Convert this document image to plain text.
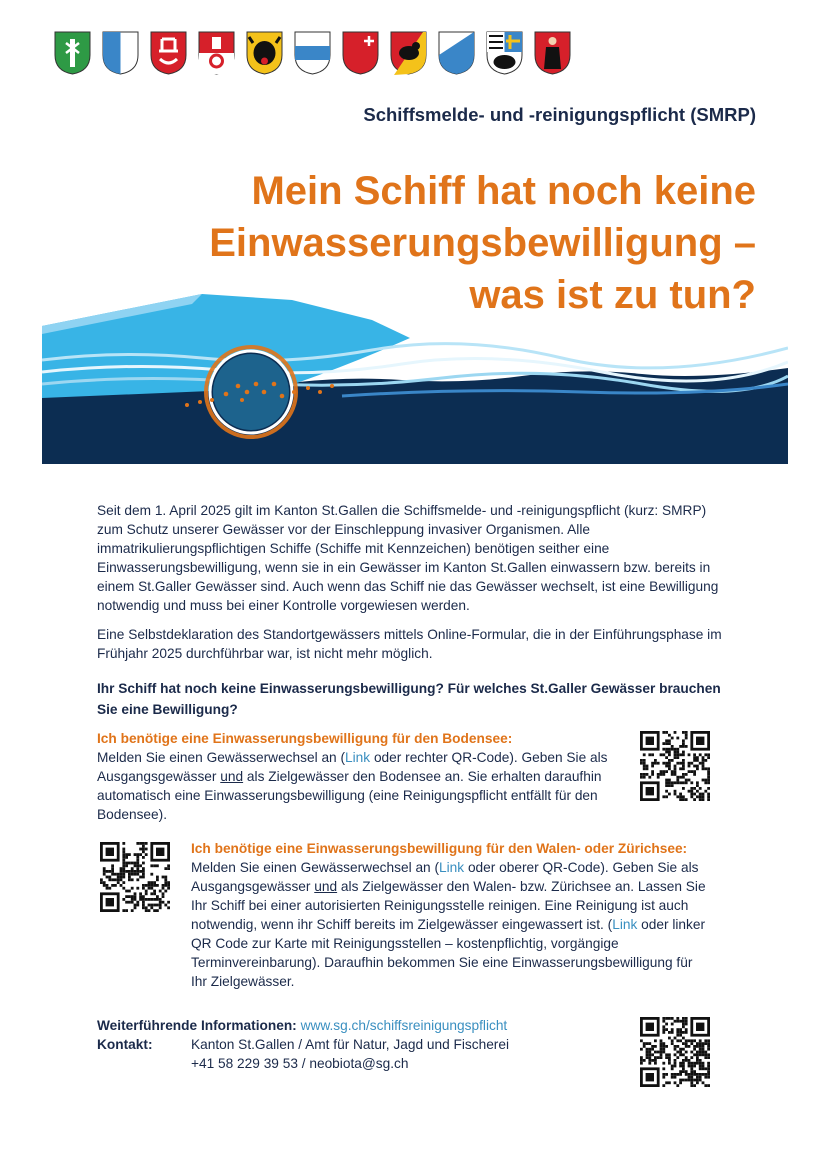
Schiffsmelde- und -reinigungspflicht (SMRP)
Mein Schiff hat noch keine
Einwasserungsbewilligung –
was ist zu tun?
Seit dem 1. April 2025 gilt im Kanton St.Gallen die Schiffsmelde- und -reinigungspflicht (kurz: SMRP) zum Schutz unserer Gewässer vor der Einschleppung invasiver Organismen. Alle immatrikulierungspflichtigen Schiffe (Schiffe mit Kennzeichen) benötigen seither eine Einwasserungsbewilligung, wenn sie in ein Gewässer im Kanton St.Gallen einwassern bzw. bereits in einem St.Galler Gewässer sind. Auch wenn das Schiff nie das Gewässer wechselt, ist eine Bewilligung notwendig und muss bei einer Kontrolle vorgewiesen werden.
Eine Selbstdeklaration des Standortgewässers mittels Online-Formular, die in der Einführungsphase im Frühjahr 2025 durchführbar war, ist nicht mehr möglich.
Ihr Schiff hat noch keine Einwasserungsbewilligung? Für welches St.Galler Gewässer brauchen Sie eine Bewilligung?
Ich benötige eine Einwasserungsbewilligung für den Bodensee:
Melden Sie einen Gewässerwechsel an (Link oder rechter QR-Code). Geben Sie als Ausgangsgewässer und als Zielgewässer den Bodensee an. Sie erhalten daraufhin automatisch eine Einwasserungsbewilligung (eine Reinigungspflicht entfällt für den Bodensee).
Ich benötige eine Einwasserungsbewilligung für den Walen- oder Zürichsee: Melden Sie einen Gewässerwechsel an (Link oder oberer QR-Code). Geben Sie als Ausgangsgewässer und als Zielgewässer den Walen- bzw. Zürichsee an. Lassen Sie Ihr Schiff bei einer autorisierten Reinigungsstelle reinigen. Eine Reinigung ist auch notwendig, wenn ihr Schiff bereits im Zielgewässer eingewassert ist. (Link oder linker QR Code zur Karte mit Reinigungsstellen – kostenpflichtig, vorgängige Terminvereinbarung). Daraufhin bekommen Sie eine Einwasserungsbewilligung für Ihr Zielgewässer.
Weiterführende Informationen: www.sg.ch/schiffsreinigungspflicht
Kontakt:	Kanton St.Gallen / Amt für Natur, Jagd und Fischerei
+41 58 229 39 53 / neobiota@sg.ch
